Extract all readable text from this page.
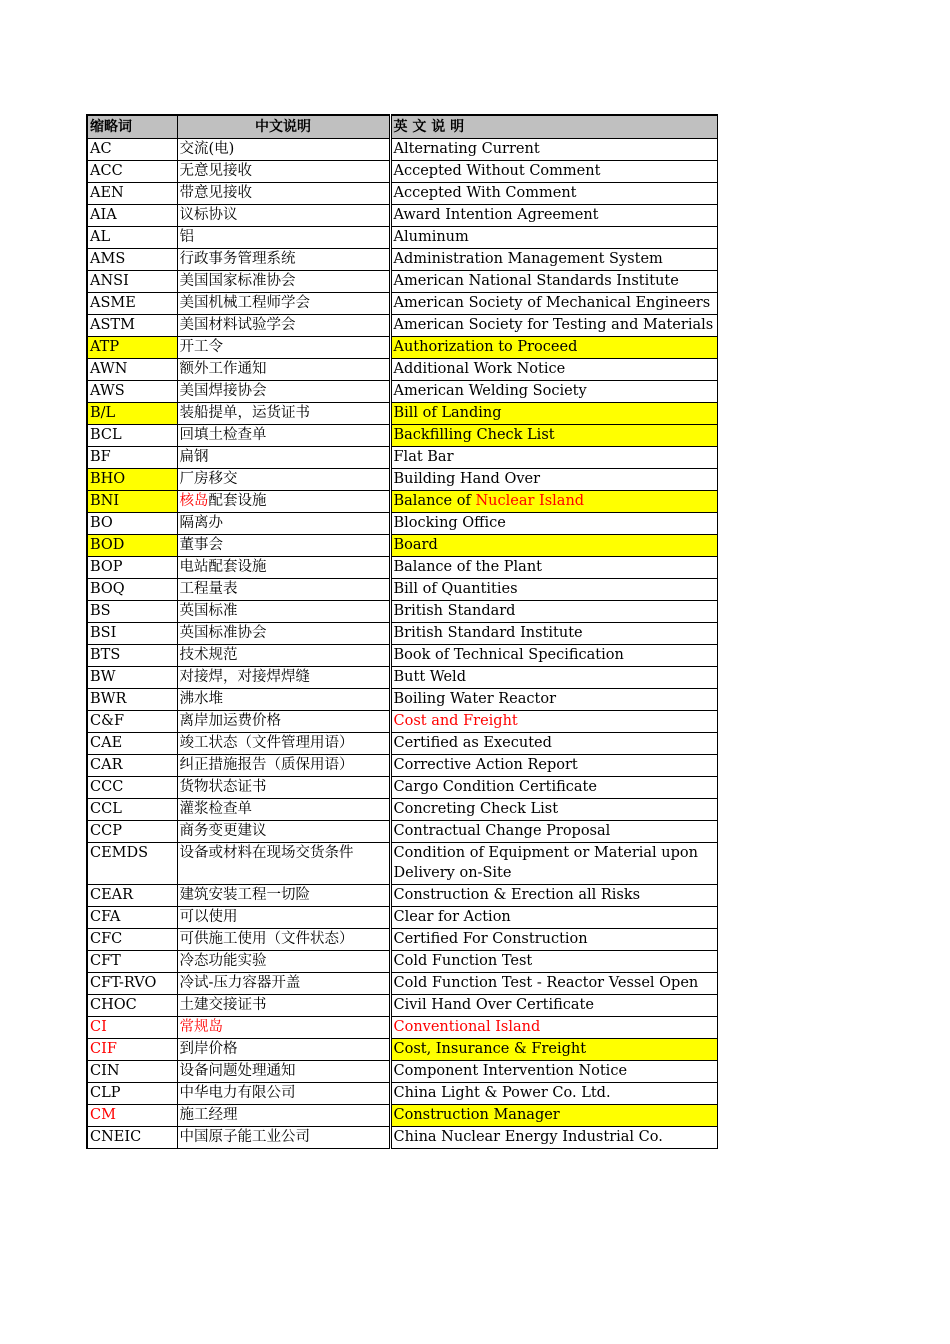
缩略词	中文说明	英 文 说 明
AC	交流(电)	Alternating Current
ACC	无意见接收	Accepted Without Comment
AEN	带意见接收	Accepted With Comment
AIA	议标协议	Award Intention Agreement
AL	铝	Aluminum
AMS	行政事务管理系统	Administration Management System
ANSI	美国国家标准协会	American National Standards Institute
ASME	美国机械工程师学会	American Society of Mechanical Engineers
ASTM	美国材料试验学会	American Society for Testing and Materials
ATP	开工令	Authorization to Proceed
AWN	额外工作通知	Additional Work Notice
AWS	美国焊接协会	American Welding Society
B/L	装船提单，运货证书	Bill of Landing
BCL	回填土检查单	Backfilling Check List
BF	扁钢	Flat Bar
BHO	厂房移交	Building Hand Over
BNI	核岛配套设施	Balance of Nuclear Island
BO	隔离办	Blocking Office
BOD	董事会	Board
BOP	电站配套设施	Balance of the Plant
BOQ	工程量表	Bill of Quantities
BS	英国标准	British Standard
BSI	英国标准协会	British Standard Institute
BTS	技术规范	Book of Technical Specification
BW	对接焊，对接焊焊缝	Butt Weld
BWR	沸水堆	Boiling Water Reactor
C&F	离岸加运费价格	Cost and Freight
CAE	竣工状态（文件管理用语）	Certified as Executed
CAR	纠正措施报告（质保用语）	Corrective Action Report
CCC	货物状态证书	Cargo Condition Certificate
CCL	灌浆检查单	Concreting Check List
CCP	商务变更建议	Contractual Change Proposal
CEMDS	设备或材料在现场交货条件	Condition of Equipment or Material upon Delivery on-Site
CEAR	建筑安装工程一切险	Construction & Erection all Risks
CFA	可以使用	Clear for Action
CFC	可供施工使用（文件状态）	Certified For Construction
CFT	冷态功能实验	Cold Function Test
CFT-RVO	冷试-压力容器开盖	Cold Function Test - Reactor Vessel Open
CHOC	土建交接证书	Civil Hand Over Certificate
CI	常规岛	Conventional Island
CIF	到岸价格	Cost, Insurance & Freight
CIN	设备问题处理通知	Component Intervention Notice
CLP	中华电力有限公司	China Light & Power Co. Ltd.
CM	施工经理	Construction Manager
CNEIC	中国原子能工业公司	China Nuclear Energy Industrial Co.
